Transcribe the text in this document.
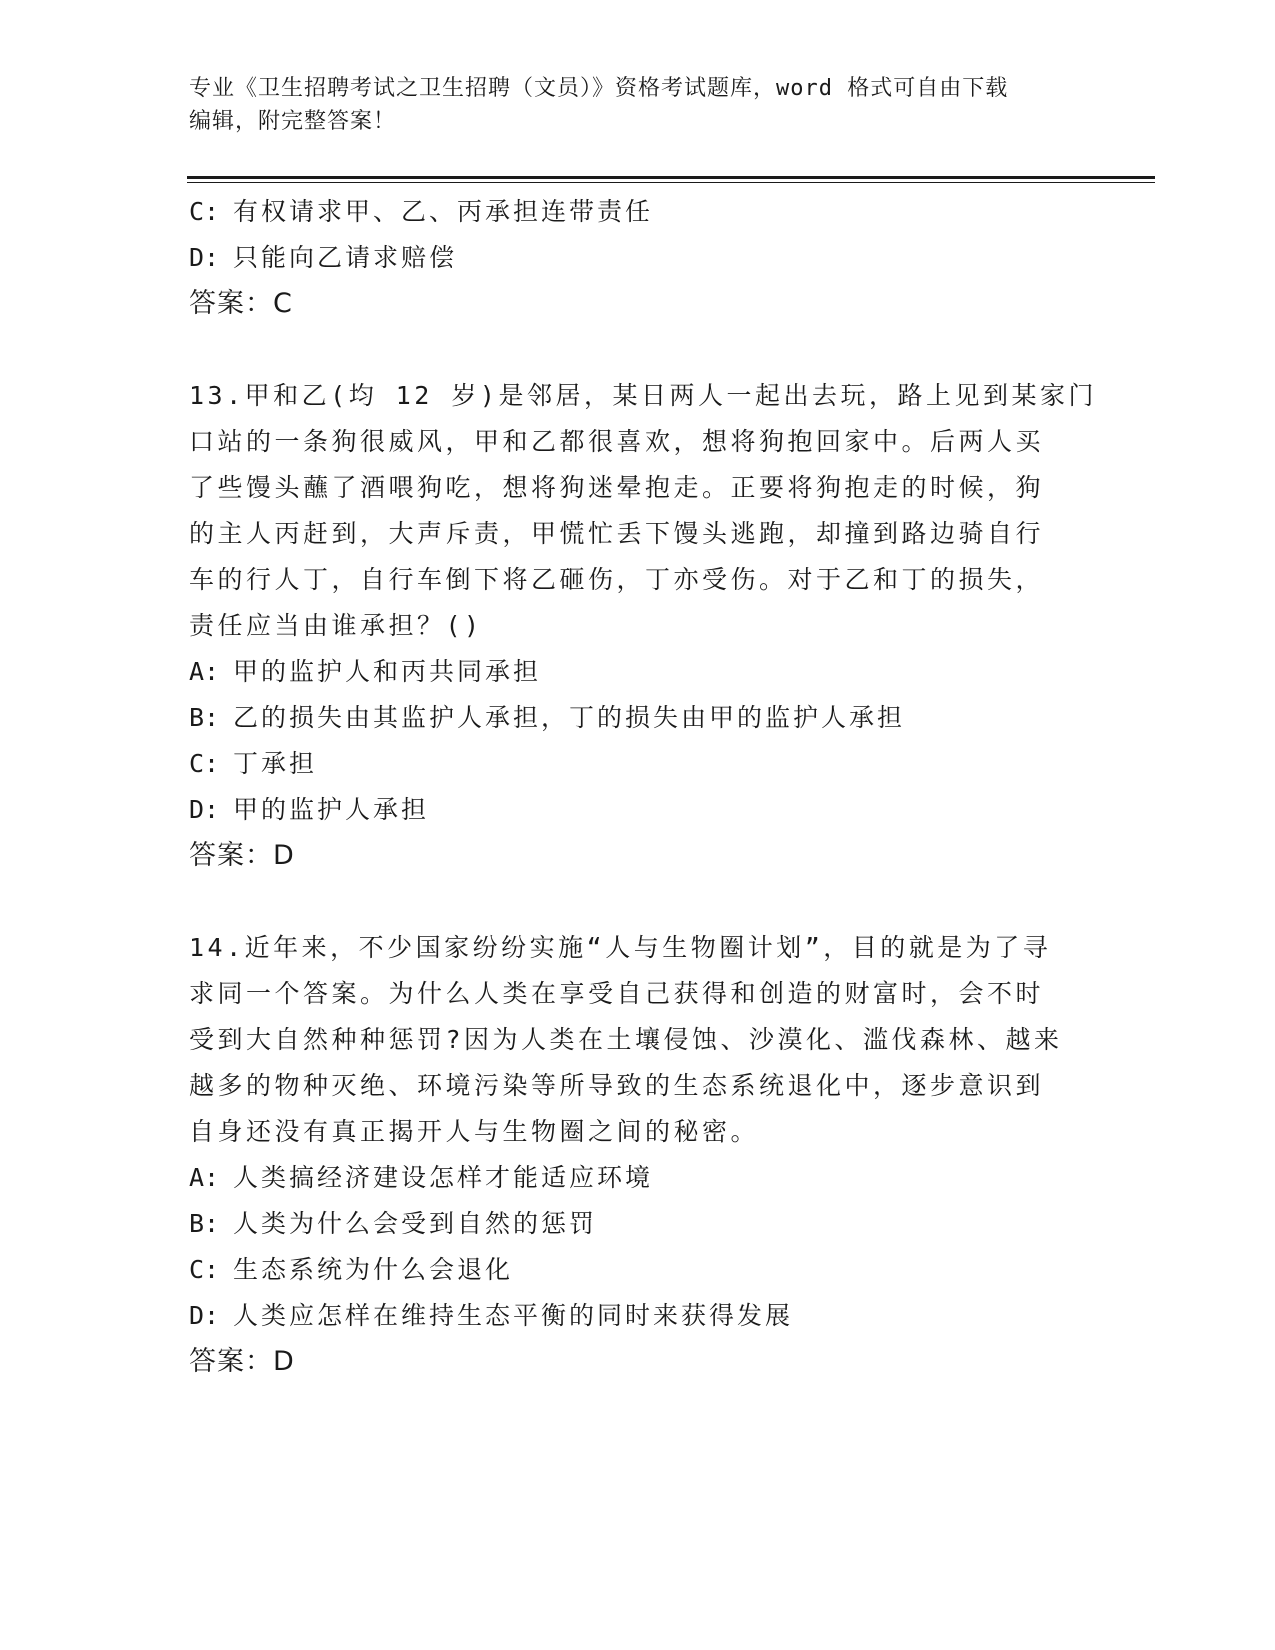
专业《卫生招聘考试之卫生招聘（文员）》资格考试题库，word 格式可自由下载
编辑，附完整答案！
C: 有权请求甲、乙、丙承担连带责任
D: 只能向乙请求赔偿
答案：C
13.甲和乙(均 12 岁)是邻居，某日两人一起出去玩，路上见到某家门
口站的一条狗很威风，甲和乙都很喜欢，想将狗抱回家中。后两人买
了些馒头蘸了酒喂狗吃，想将狗迷晕抱走。正要将狗抱走的时候，狗
的主人丙赶到，大声斥责，甲慌忙丢下馒头逃跑，却撞到路边骑自行
车的行人丁，自行车倒下将乙砸伤，丁亦受伤。对于乙和丁的损失，
责任应当由谁承担？()
A: 甲的监护人和丙共同承担
B: 乙的损失由其监护人承担，丁的损失由甲的监护人承担
C: 丁承担
D: 甲的监护人承担
答案：D
14.近年来，不少国家纷纷实施“人与生物圈计划”，目的就是为了寻
求同一个答案。为什么人类在享受自己获得和创造的财富时，会不时
受到大自然种种惩罚?因为人类在土壤侵蚀、沙漠化、滥伐森林、越来
越多的物种灭绝、环境污染等所导致的生态系统退化中，逐步意识到
自身还没有真正揭开人与生物圈之间的秘密。
A: 人类搞经济建设怎样才能适应环境
B: 人类为什么会受到自然的惩罚
C: 生态系统为什么会退化
D: 人类应怎样在维持生态平衡的同时来获得发展
答案：D
